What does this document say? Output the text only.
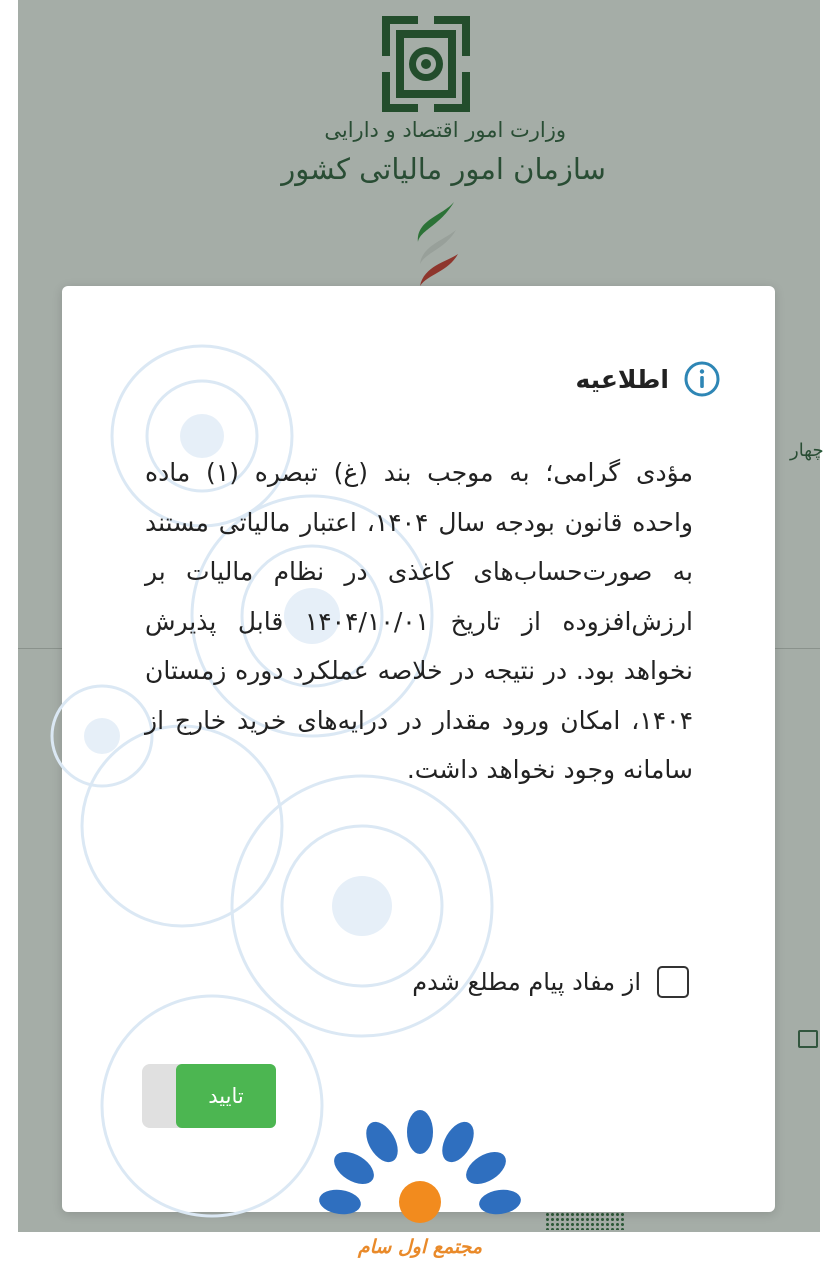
وزارت امور اقتصاد و دارایی
سازمان امور مالیاتی کشور
چهار
اطلاعیه
مؤدی گرامی؛ به موجب بند (غ) تبصره (۱) ماده واحده قانون بودجه سال ۱۴۰۴، اعتبار مالیاتی مستند به صورت‌حساب‌های کاغذی در نظام مالیات بر ارزش‌افزوده از تاریخ ۱۴۰۴/۱۰/۰۱ قابل پذیرش نخواهد بود. در نتیجه در خلاصه عملکرد دوره زمستان ۱۴۰۴، امکان ورود مقدار در درایه‌های خرید خارج از سامانه وجود نخواهد داشت.
از مفاد پیام مطلع شدم
تایید
مجتمع اول سام
